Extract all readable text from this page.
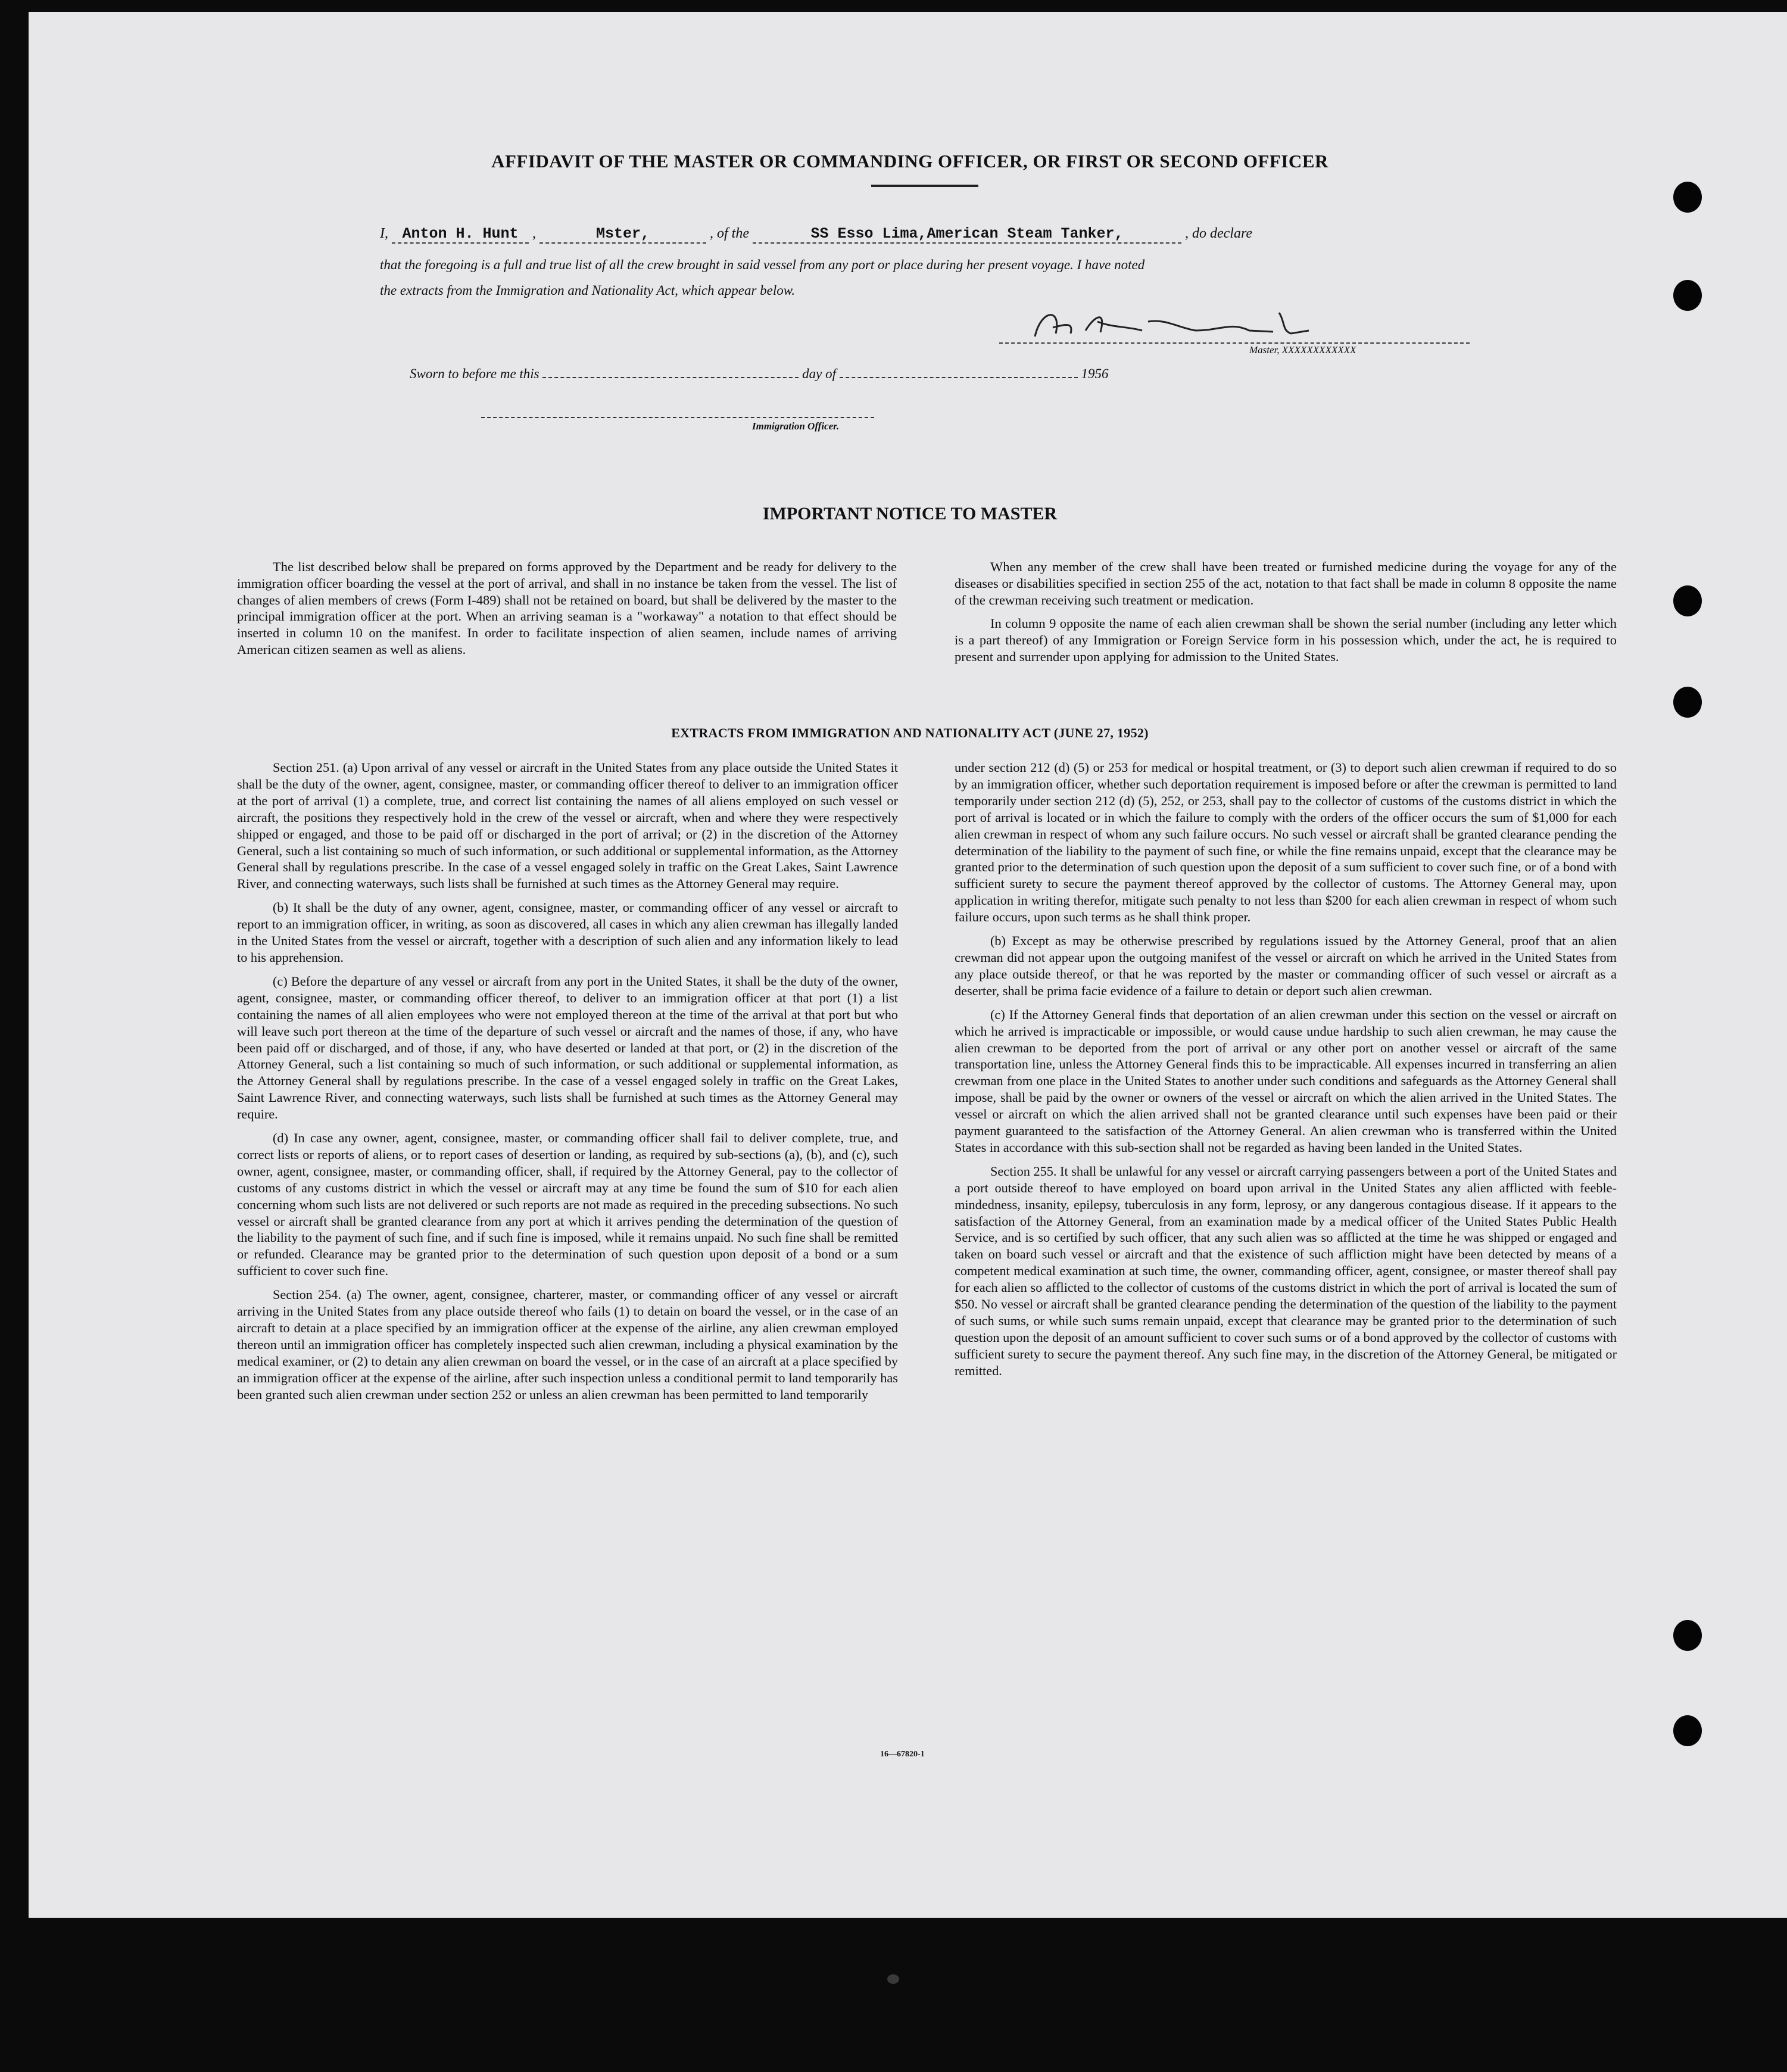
AFFIDAVIT OF THE MASTER OR COMMANDING OFFICER, OR FIRST OR SECOND OFFICER
I, Anton H. Hunt ,	Mster,	, of the	SS Esso Lima,American Steam Tanker,	, do declare
that the foregoing is a full and true list of all the crew brought in said vessel from any port or place during her present voyage. I have noted
the extracts from the Immigration and Nationality Act, which appear below.
Master, XXXXXXXXXXXX
Sworn to before me this	day of	1956
Immigration Officer.
IMPORTANT NOTICE TO MASTER

The list described below shall be prepared on forms approved by the Department and be ready for delivery to the immigration officer boarding the vessel at the port of arrival, and shall in no instance be taken from the vessel. The list of changes of alien members of crews (Form I-489) shall not be retained on board, but shall be delivered by the master to the principal immigration officer at the port. When an arriving seaman is a "workaway" a notation to that effect should be inserted in column 10 on the manifest. In order to facilitate inspection of alien seamen, include names of arriving American citizen seamen as well as aliens.

When any member of the crew shall have been treated or furnished medicine during the voyage for any of the diseases or disabilities specified in section 255 of the act, notation to that fact shall be made in column 8 opposite the name of the crewman receiving such treatment or medication.

In column 9 opposite the name of each alien crewman shall be shown the serial number (including any letter which is a part thereof) of any Immigration or Foreign Service form in his possession which, under the act, he is required to present and surrender upon applying for admission to the United States.

EXTRACTS FROM IMMIGRATION AND NATIONALITY ACT (JUNE 27, 1952)

Section 251. (a) Upon arrival of any vessel or aircraft in the United States from any place outside the United States it shall be the duty of the owner, agent, consignee, master, or commanding officer thereof to deliver to an immigration officer at the port of arrival (1) a complete, true, and correct list containing the names of all aliens employed on such vessel or aircraft, the positions they respectively hold in the crew of the vessel or aircraft, when and where they were respectively shipped or engaged, and those to be paid off or discharged in the port of arrival; or (2) in the discretion of the Attorney General, such a list containing so much of such information, or such additional or supplemental information, as the Attorney General shall by regulations prescribe. In the case of a vessel engaged solely in traffic on the Great Lakes, Saint Lawrence River, and connecting waterways, such lists shall be furnished at such times as the Attorney General may require.

(b) It shall be the duty of any owner, agent, consignee, master, or commanding officer of any vessel or aircraft to report to an immigration officer, in writing, as soon as discovered, all cases in which any alien crewman has illegally landed in the United States from the vessel or aircraft, together with a description of such alien and any information likely to lead to his apprehension.

(c) Before the departure of any vessel or aircraft from any port in the United States, it shall be the duty of the owner, agent, consignee, master, or commanding officer thereof, to deliver to an immigration officer at that port (1) a list containing the names of all alien employees who were not employed thereon at the time of the arrival at that port but who will leave such port thereon at the time of the departure of such vessel or aircraft and the names of those, if any, who have been paid off or discharged, and of those, if any, who have deserted or landed at that port, or (2) in the discretion of the Attorney General, such a list containing so much of such information, or such additional or supplemental information, as the Attorney General shall by regulations prescribe. In the case of a vessel engaged solely in traffic on the Great Lakes, Saint Lawrence River, and connecting waterways, such lists shall be furnished at such times as the Attorney General may require.

(d) In case any owner, agent, consignee, master, or commanding officer shall fail to deliver complete, true, and correct lists or reports of aliens, or to report cases of desertion or landing, as required by sub-sections (a), (b), and (c), such owner, agent, consignee, master, or commanding officer, shall, if required by the Attorney General, pay to the collector of customs of any customs district in which the vessel or aircraft may at any time be found the sum of $10 for each alien concerning whom such lists are not delivered or such reports are not made as required in the preceding subsections. No such vessel or aircraft shall be granted clearance from any port at which it arrives pending the determination of the question of the liability to the payment of such fine, and if such fine is imposed, while it remains unpaid. No such fine shall be remitted or refunded. Clearance may be granted prior to the determination of such question upon deposit of a bond or a sum sufficient to cover such fine.

Section 254. (a) The owner, agent, consignee, charterer, master, or commanding officer of any vessel or aircraft arriving in the United States from any place outside thereof who fails (1) to detain on board the vessel, or in the case of an aircraft to detain at a place specified by an immigration officer at the expense of the airline, any alien crewman employed thereon until an immigration officer has completely inspected such alien crewman, including a physical examination by the medical examiner, or (2) to detain any alien crewman on board the vessel, or in the case of an aircraft at a place specified by an immigration officer at the expense of the airline, after such inspection unless a conditional permit to land temporarily has been granted such alien crewman under section 252 or unless an alien crewman has been permitted to land temporarily

under section 212 (d) (5) or 253 for medical or hospital treatment, or (3) to deport such alien crewman if required to do so by an immigration officer, whether such deportation requirement is imposed before or after the crewman is permitted to land temporarily under section 212 (d) (5), 252, or 253, shall pay to the collector of customs of the customs district in which the port of arrival is located or in which the failure to comply with the orders of the officer occurs the sum of $1,000 for each alien crewman in respect of whom any such failure occurs. No such vessel or aircraft shall be granted clearance pending the determination of the liability to the payment of such fine, or while the fine remains unpaid, except that the clearance may be granted prior to the determination of such question upon the deposit of a sum sufficient to cover such fine, or of a bond with sufficient surety to secure the payment thereof approved by the collector of customs. The Attorney General may, upon application in writing therefor, mitigate such penalty to not less than $200 for each alien crewman in respect of whom such failure occurs, upon such terms as he shall think proper.

(b) Except as may be otherwise prescribed by regulations issued by the Attorney General, proof that an alien crewman did not appear upon the outgoing manifest of the vessel or aircraft on which he arrived in the United States from any place outside thereof, or that he was reported by the master or commanding officer of such vessel or aircraft as a deserter, shall be prima facie evidence of a failure to detain or deport such alien crewman.

(c) If the Attorney General finds that deportation of an alien crewman under this section on the vessel or aircraft on which he arrived is impracticable or impossible, or would cause undue hardship to such alien crewman, he may cause the alien crewman to be deported from the port of arrival or any other port on another vessel or aircraft of the same transportation line, unless the Attorney General finds this to be impracticable. All expenses incurred in transferring an alien crewman from one place in the United States to another under such conditions and safeguards as the Attorney General shall impose, shall be paid by the owner or owners of the vessel or aircraft on which the alien arrived in the United States. The vessel or aircraft on which the alien arrived shall not be granted clearance until such expenses have been paid or their payment guaranteed to the satisfaction of the Attorney General. An alien crewman who is transferred within the United States in accordance with this sub-section shall not be regarded as having been landed in the United States.

Section 255. It shall be unlawful for any vessel or aircraft carrying passengers between a port of the United States and a port outside thereof to have employed on board upon arrival in the United States any alien afflicted with feeble-mindedness, insanity, epilepsy, tuberculosis in any form, leprosy, or any dangerous contagious disease. If it appears to the satisfaction of the Attorney General, from an examination made by a medical officer of the United States Public Health Service, and is so certified by such officer, that any such alien was so afflicted at the time he was shipped or engaged and taken on board such vessel or aircraft and that the existence of such affliction might have been detected by means of a competent medical examination at such time, the owner, commanding officer, agent, consignee, or master thereof shall pay for each alien so afflicted to the collector of customs of the customs district in which the port of arrival is located the sum of $50. No vessel or aircraft shall be granted clearance pending the determination of the question of the liability to the payment of such sums, or while such sums remain unpaid, except that clearance may be granted prior to the determination of such question upon the deposit of an amount sufficient to cover such sums or of a bond approved by the collector of customs with sufficient surety to secure the payment thereof. Any such fine may, in the discretion of the Attorney General, be mitigated or remitted.

16—67820-1
